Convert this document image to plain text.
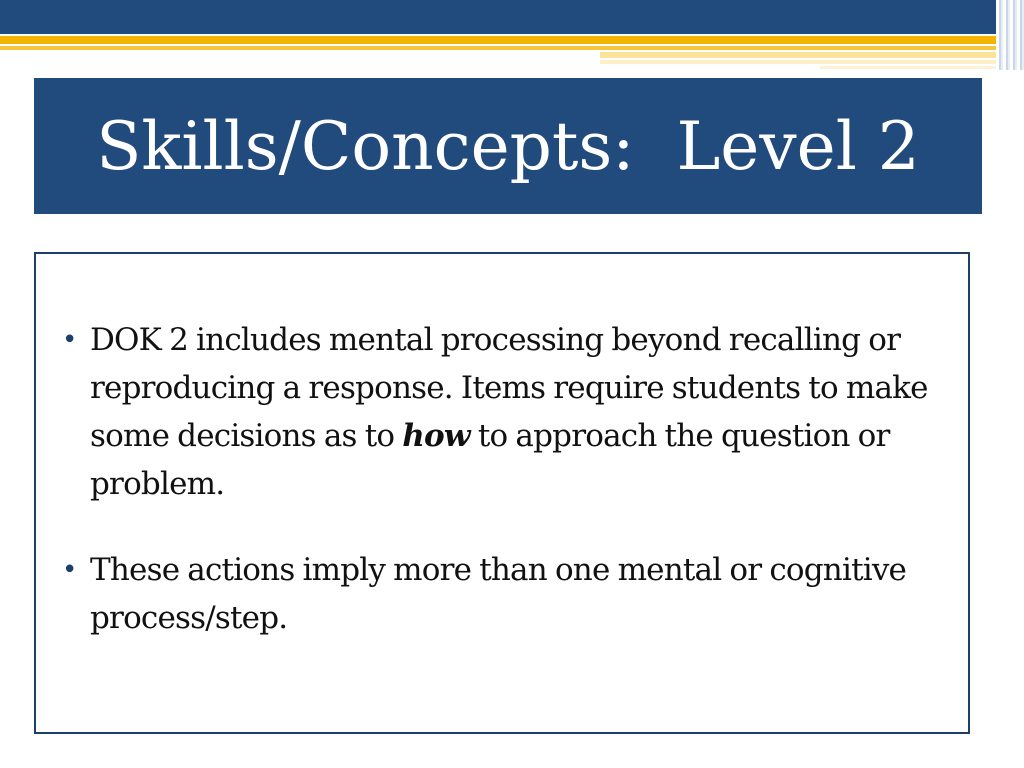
Skills/Concepts:  Level 2
• DOK 2 includes mental processing beyond recalling or reproducing a response. Items require students to make some decisions as to how to approach the question or problem.
• These actions imply more than one mental or cognitive process/step.
